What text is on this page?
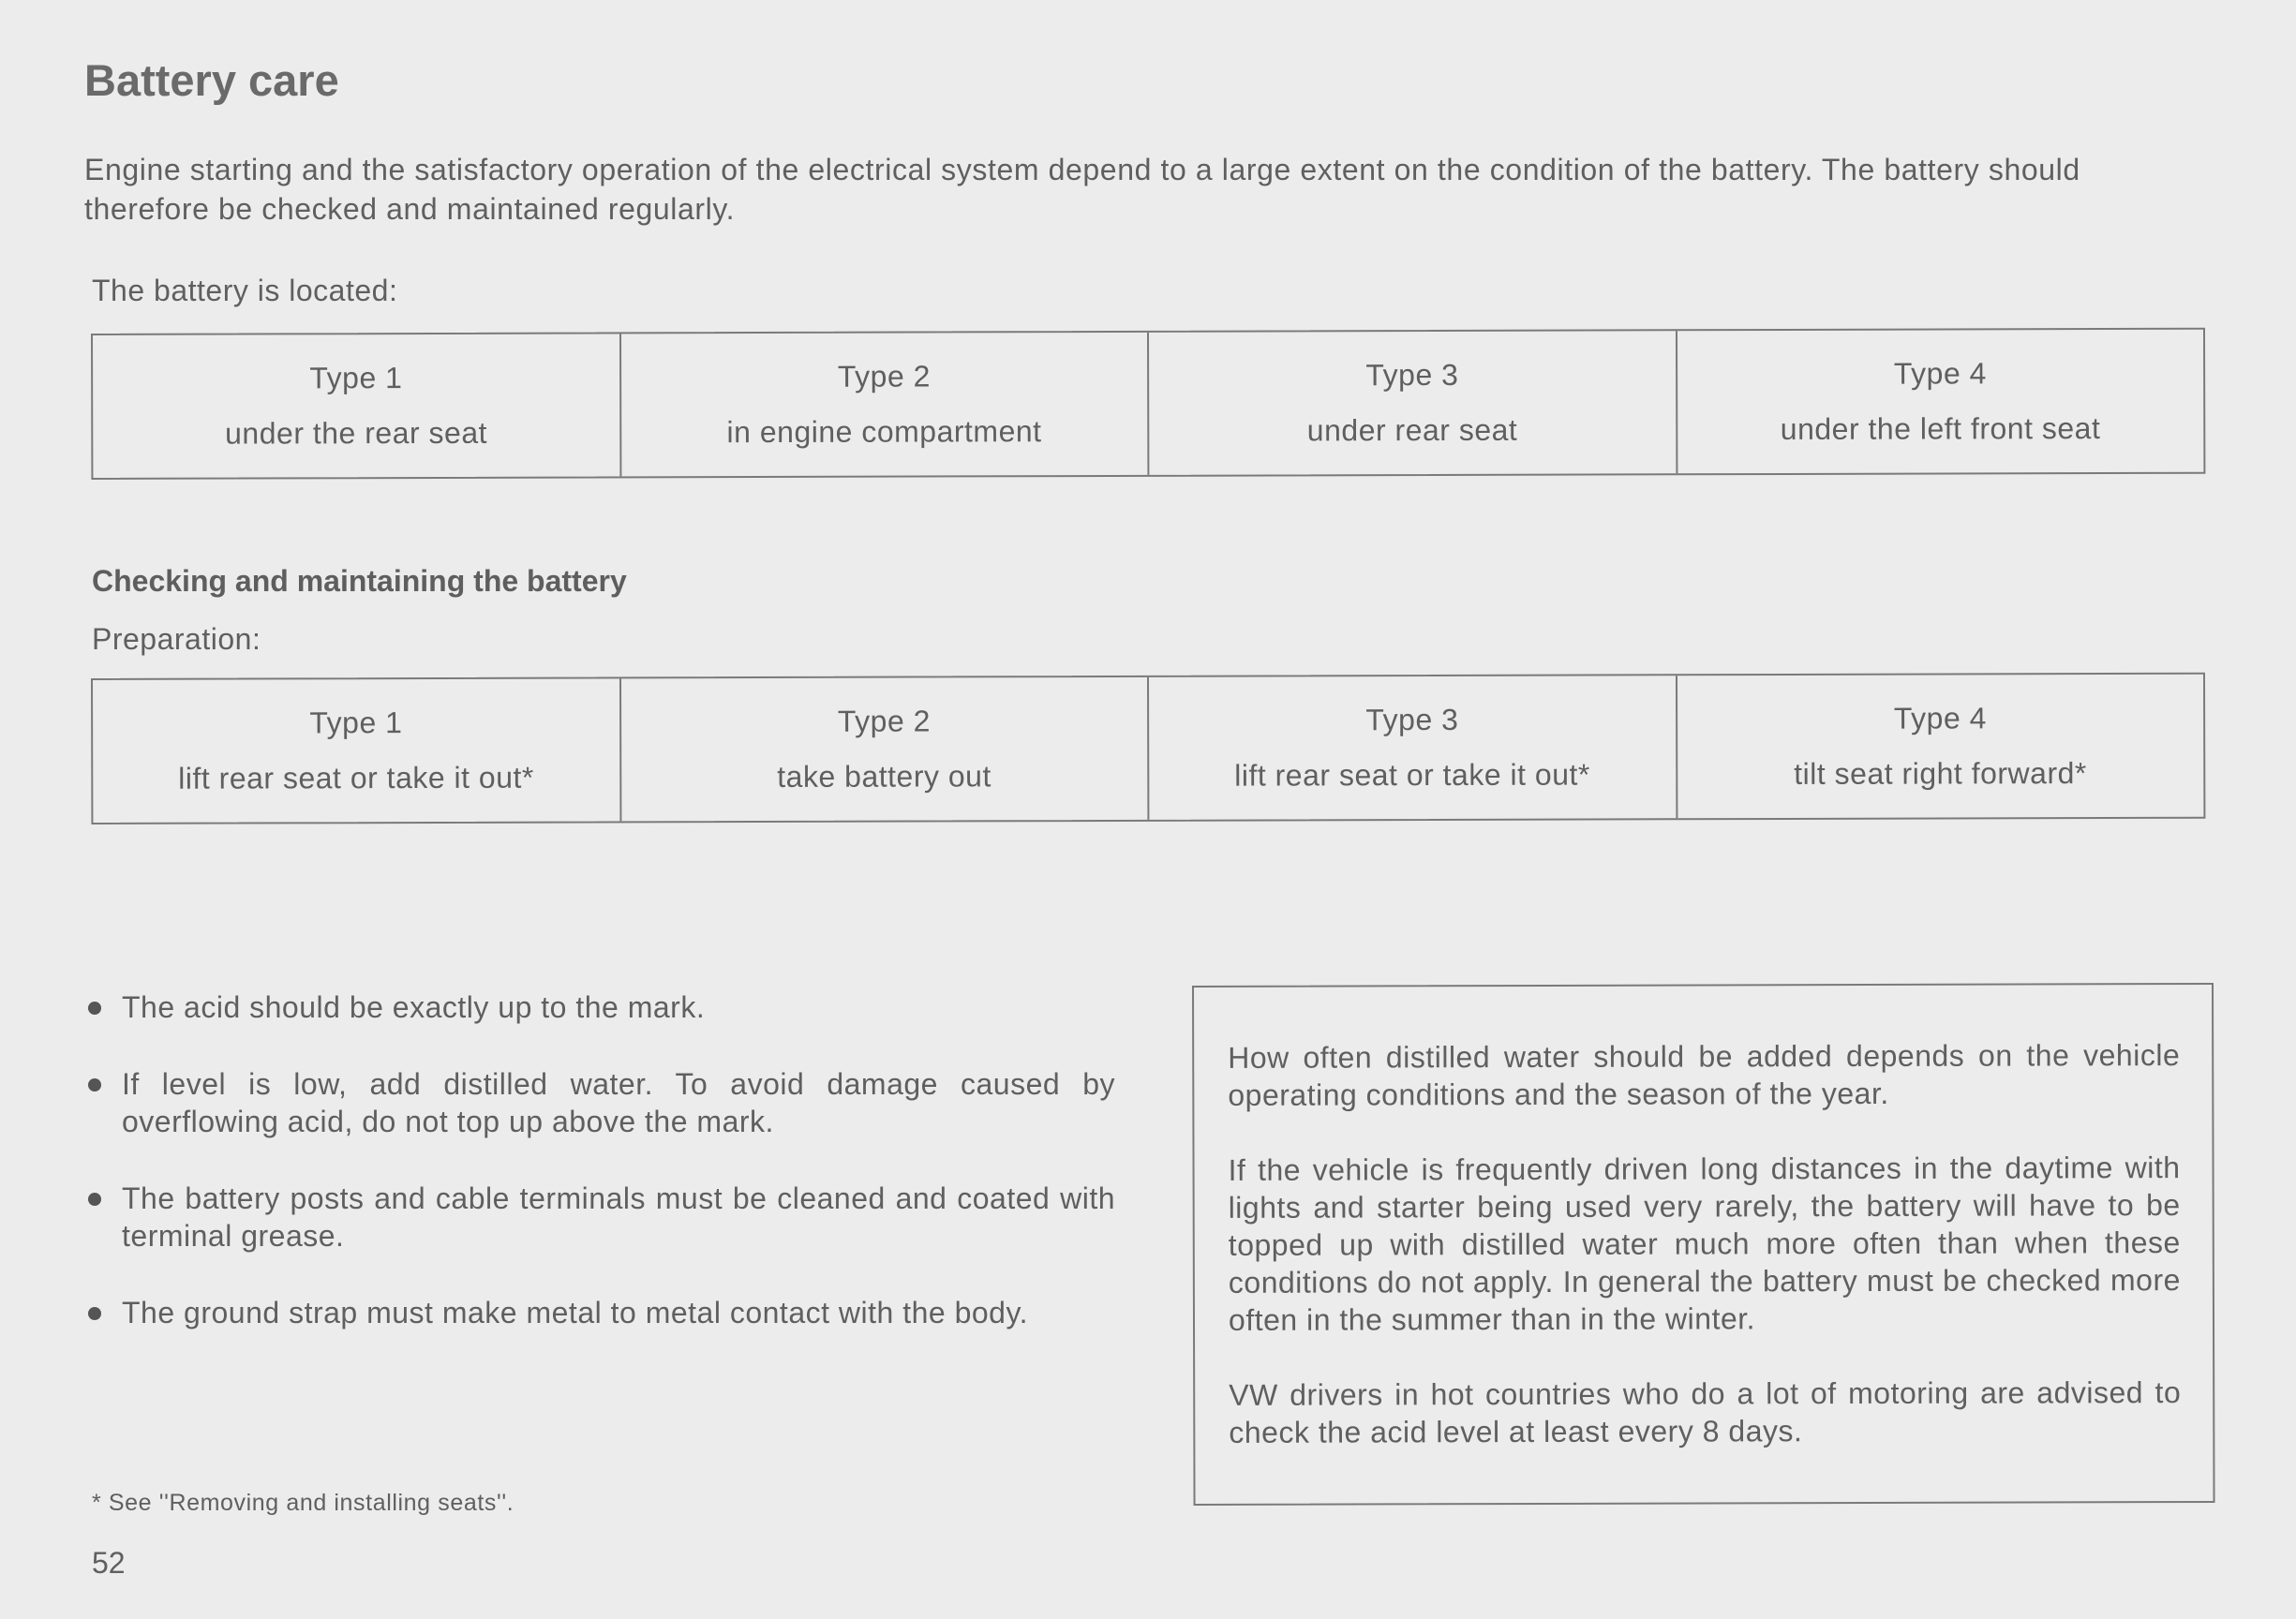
Battery care

Engine starting and the satisfactory operation of the electrical system depend to a large extent on the condition of the battery. The battery should therefore be checked and maintained regularly.

The battery is located:

Type 1
under the rear seat
Type 2
in engine compartment
Type 3
under rear seat
Type 4
under the left front seat
Checking and maintaining the battery

Preparation:

Type 1
lift rear seat or take it out*
Type 2
take battery out
Type 3
lift rear seat or take it out*
Type 4
tilt seat right forward*
The acid should be exactly up to the mark.
If level is low, add distilled water. To avoid damage caused by overflowing acid, do not top up above the mark.
The battery posts and cable terminals must be cleaned and coated with terminal grease.
The ground strap must make metal to metal contact with the body.

How often distilled water should be added depends on the vehicle operating conditions and the season of the year.

If the vehicle is frequently driven long distances in the daytime with lights and starter being used very rarely, the battery will have to be topped up with distilled water much more often than when these conditions do not apply. In general the battery must be checked more often in the summer than in the winter.

VW drivers in hot countries who do a lot of motoring are advised to check the acid level at least every 8 days.

* See ''Removing and installing seats''.

52
